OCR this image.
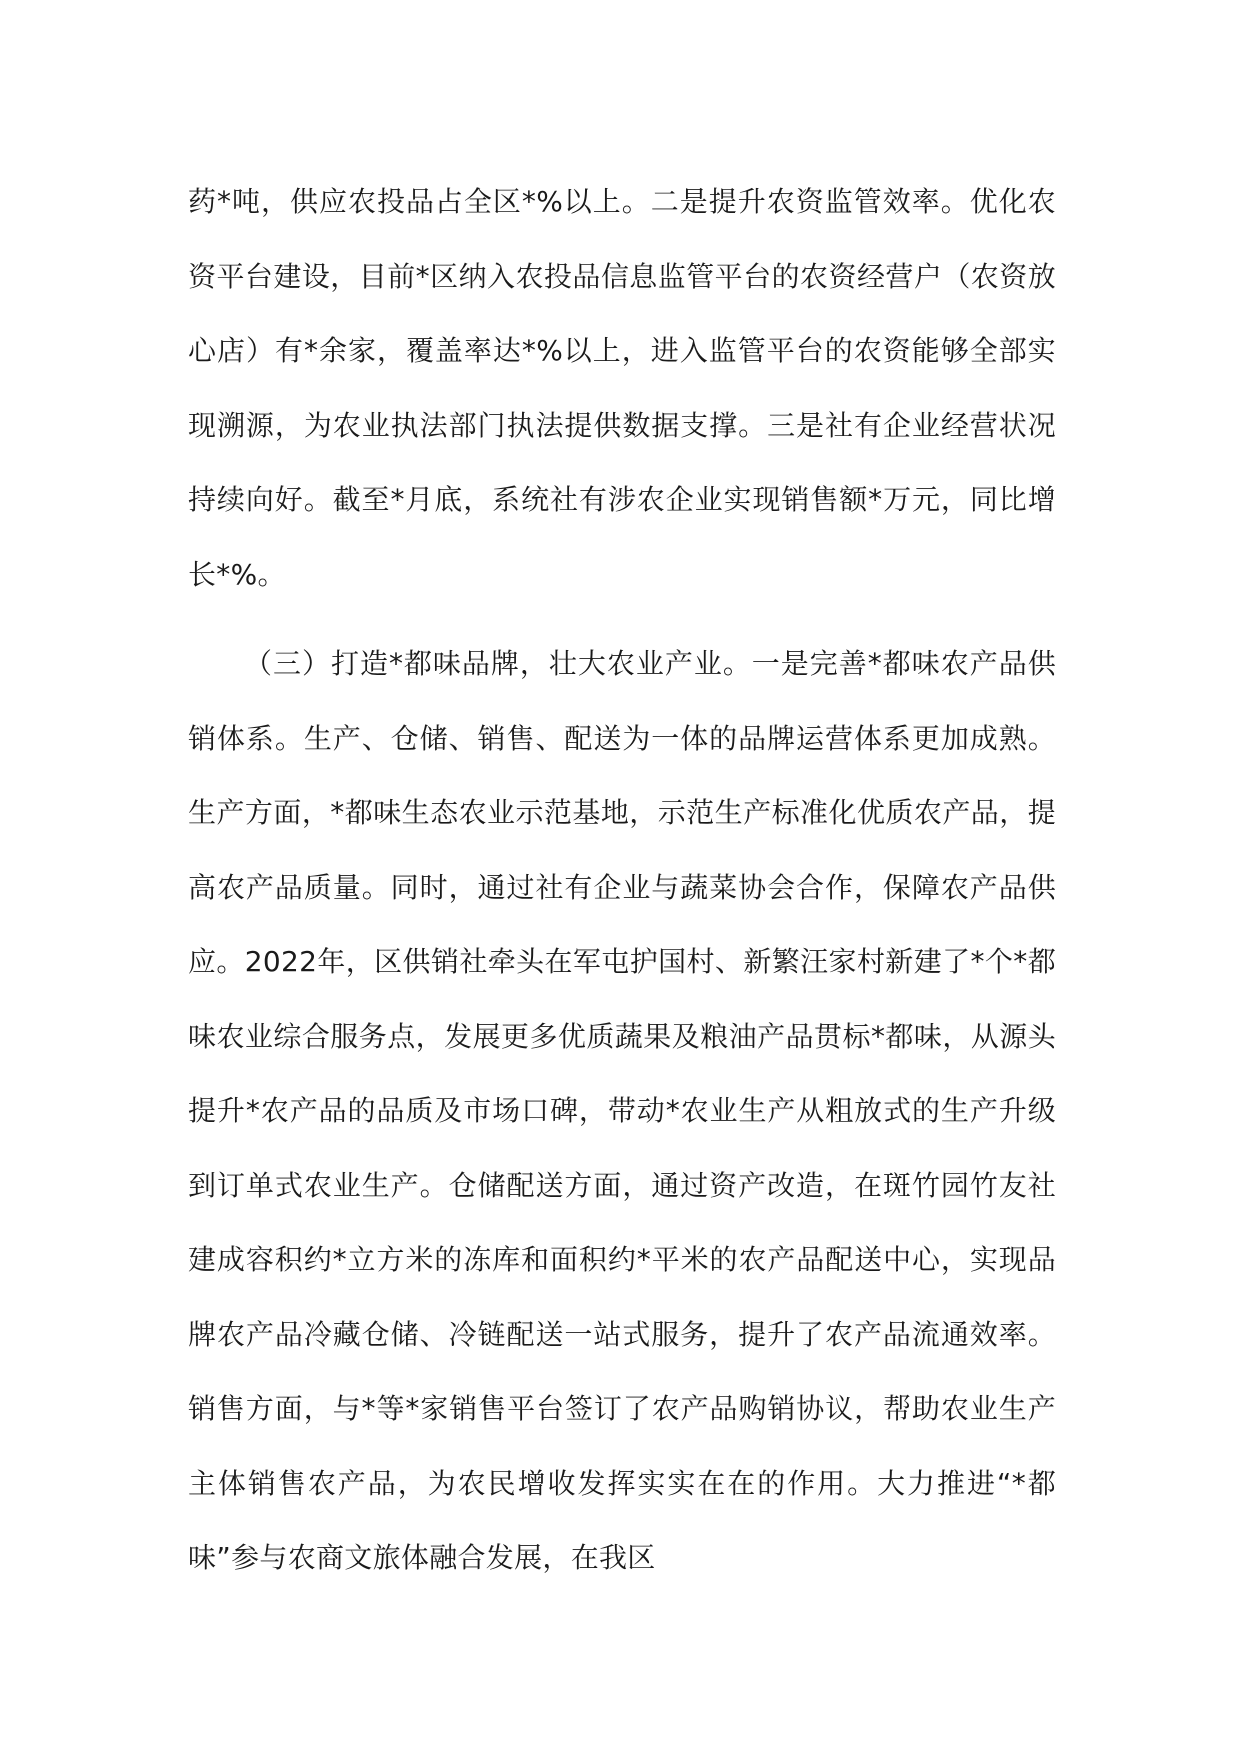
药*吨，供应农投品占全区*%以上。二是提升农资监管效率。优化农资平台建设，目前*区纳入农投品信息监管平台的农资经营户（农资放心店）有*余家，覆盖率达*%以上，进入监管平台的农资能够全部实现溯源，为农业执法部门执法提供数据支撑。三是社有企业经营状况持续向好。截至*月底，系统社有涉农企业实现销售额*万元，同比增长*%。

（三）打造*都味品牌，壮大农业产业。一是完善*都味农产品供销体系。生产、仓储、销售、配送为一体的品牌运营体系更加成熟。生产方面，*都味生态农业示范基地，示范生产标准化优质农产品，提高农产品质量。同时，通过社有企业与蔬菜协会合作，保障农产品供应。2022年，区供销社牵头在军屯护国村、新繁汪家村新建了*个*都味农业综合服务点，发展更多优质蔬果及粮油产品贯标*都味，从源头提升*农产品的品质及市场口碑，带动*农业生产从粗放式的生产升级到订单式农业生产。仓储配送方面，通过资产改造，在斑竹园竹友社建成容积约*立方米的冻库和面积约*平米的农产品配送中心，实现品牌农产品冷藏仓储、冷链配送一站式服务，提升了农产品流通效率。销售方面，与*等*家销售平台签订了农产品购销协议，帮助农业生产主体销售农产品，为农民增收发挥实实在在的作用。大力推进“*都味”参与农商文旅体融合发展，在我区
